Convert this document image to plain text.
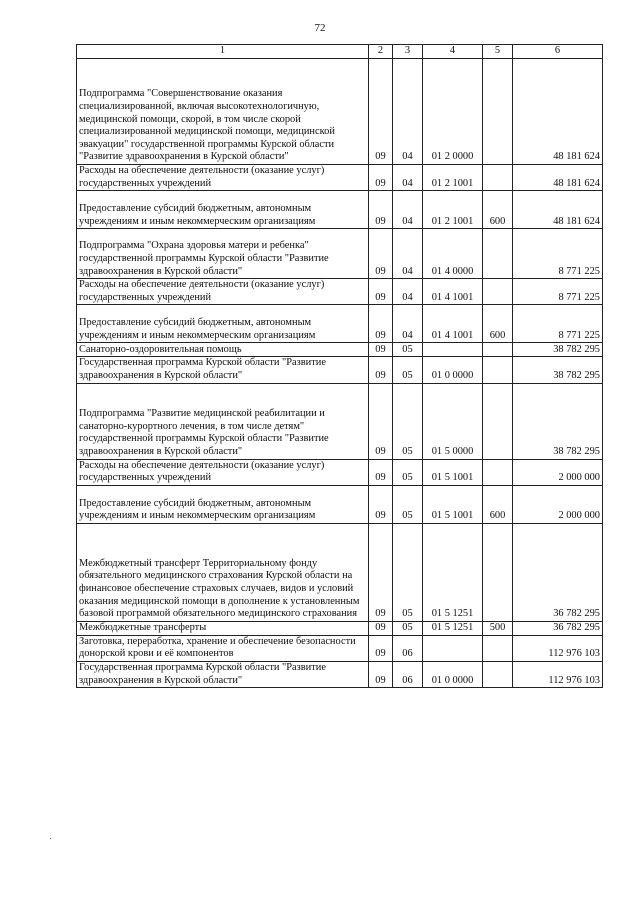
72
1	2	3	4	5	6
Подпрограмма "Совершенствование оказания специализированной, включая высокотехнологичную, медицинской помощи, скорой, в том числе скорой специализированной медицинской помощи, медицинской эвакуации" государственной программы Курской области "Развитие здравоохранения в Курской области"	09	04	01 2 0000		48 181 624
Расходы на обеспечение деятельности (оказание услуг) государственных учреждений	09	04	01 2 1001		48 181 624
Предоставление субсидий бюджетным, автономным учреждениям и иным некоммерческим организациям	09	04	01 2 1001	600	48 181 624
Подпрограмма "Охрана здоровья матери и ребенка" государственной программы Курской области "Развитие здравоохранения в Курской области"	09	04	01 4 0000		8 771 225
Расходы на обеспечение деятельности (оказание услуг) государственных учреждений	09	04	01 4 1001		8 771 225
Предоставление субсидий бюджетным, автономным учреждениям и иным некоммерческим организациям	09	04	01 4 1001	600	8 771 225
Санаторно-оздоровительная помощь	09	05			38 782 295
Государственная программа Курской области "Развитие здравоохранения в Курской области"	09	05	01 0 0000		38 782 295
Подпрограмма "Развитие медицинской реабилитации и санаторно-курортного лечения, в том числе детям" государственной программы Курской области "Развитие здравоохранения в Курской области"	09	05	01 5 0000		38 782 295
Расходы на обеспечение деятельности (оказание услуг) государственных учреждений	09	05	01 5 1001		2 000 000
Предоставление субсидий бюджетным, автономным учреждениям и иным некоммерческим организациям	09	05	01 5 1001	600	2 000 000
Межбюджетный трансферт Территориальному фонду обязательного медицинского страхования Курской области на финансовое обеспечение страховых случаев, видов и условий оказания медицинской помощи в дополнение к установленным базовой программой обязательного медицинского страхования	09	05	01 5 1251		36 782 295
Межбюджетные трансферты	09	05	01 5 1251	500	36 782 295
Заготовка, переработка, хранение и обеспечение безопасности донорской крови и её компонентов	09	06			112 976 103
Государственная программа Курской области "Развитие здравоохранения в Курской области"	09	06	01 0 0000		112 976 103
